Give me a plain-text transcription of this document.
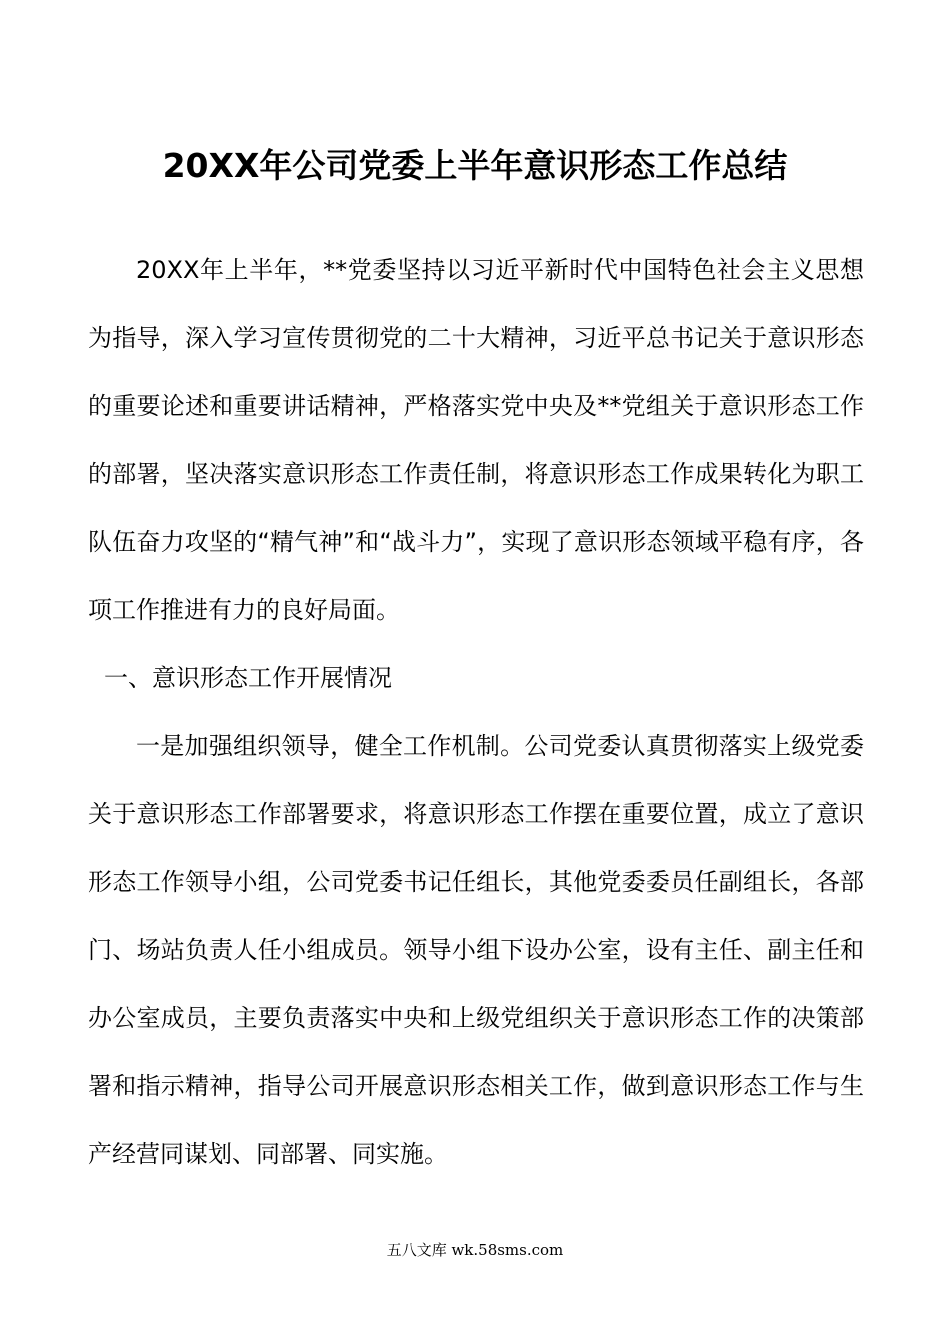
20XX年公司党委上半年意识形态工作总结

20XX年上半年，**党委坚持以习近平新时代中国特色社会主义思想为指导，深入学习宣传贯彻党的二十大精神，习近平总书记关于意识形态的重要论述和重要讲话精神，严格落实党中央及**党组关于意识形态工作的部署，坚决落实意识形态工作责任制，将意识形态工作成果转化为职工队伍奋力攻坚的“精气神”和“战斗力”，实现了意识形态领域平稳有序，各项工作推进有力的良好局面。

一、意识形态工作开展情况

一是加强组织领导，健全工作机制。公司党委认真贯彻落实上级党委关于意识形态工作部署要求，将意识形态工作摆在重要位置，成立了意识形态工作领导小组，公司党委书记任组长，其他党委委员任副组长，各部门、场站负责人任小组成员。领导小组下设办公室，设有主任、副主任和办公室成员，主要负责落实中央和上级党组织关于意识形态工作的决策部署和指示精神，指导公司开展意识形态相关工作，做到意识形态工作与生产经营同谋划、同部署、同实施。

五八文库 wk.58sms.com
